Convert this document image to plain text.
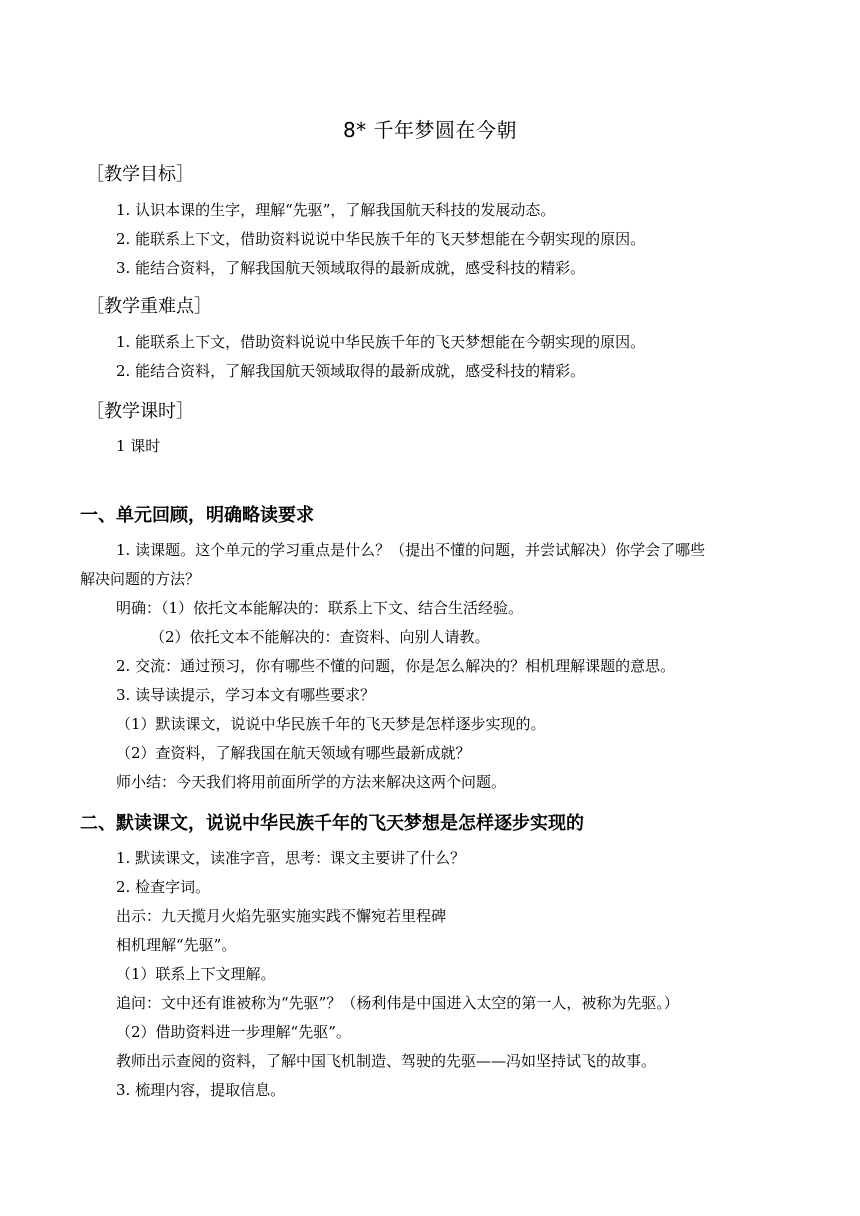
8* 千年梦圆在今朝
［教学目标］
1. 认识本课的生字，理解“先驱”，了解我国航天科技的发展动态。
2. 能联系上下文，借助资料说说中华民族千年的飞天梦想能在今朝实现的原因。
3. 能结合资料，了解我国航天领域取得的最新成就，感受科技的精彩。
［教学重难点］
1. 能联系上下文，借助资料说说中华民族千年的飞天梦想能在今朝实现的原因。
2. 能结合资料，了解我国航天领域取得的最新成就，感受科技的精彩。
［教学课时］
1 课时
一、单元回顾，明确略读要求
1. 读课题。这个单元的学习重点是什么？（提出不懂的问题，并尝试解决）你学会了哪些
解决问题的方法？
明确：（1）依托文本能解决的：联系上下文、结合生活经验。
（2）依托文本不能解决的：查资料、向别人请教。
2. 交流：通过预习，你有哪些不懂的问题，你是怎么解决的？相机理解课题的意思。
3. 读导读提示，学习本文有哪些要求？
（1）默读课文，说说中华民族千年的飞天梦是怎样逐步实现的。
（2）查资料，了解我国在航天领域有哪些最新成就？
师小结：今天我们将用前面所学的方法来解决这两个问题。
二、默读课文，说说中华民族千年的飞天梦想是怎样逐步实现的
1. 默读课文，读准字音，思考：课文主要讲了什么？
2. 检查字词。
出示：九天揽月火焰先驱实施实践不懈宛若里程碑
相机理解“先驱”。
（1）联系上下文理解。
追问：文中还有谁被称为“先驱”？（杨利伟是中国进入太空的第一人，被称为先驱。）
（2）借助资料进一步理解“先驱”。
教师出示查阅的资料，了解中国飞机制造、驾驶的先驱——冯如坚持试飞的故事。
3. 梳理内容，提取信息。
